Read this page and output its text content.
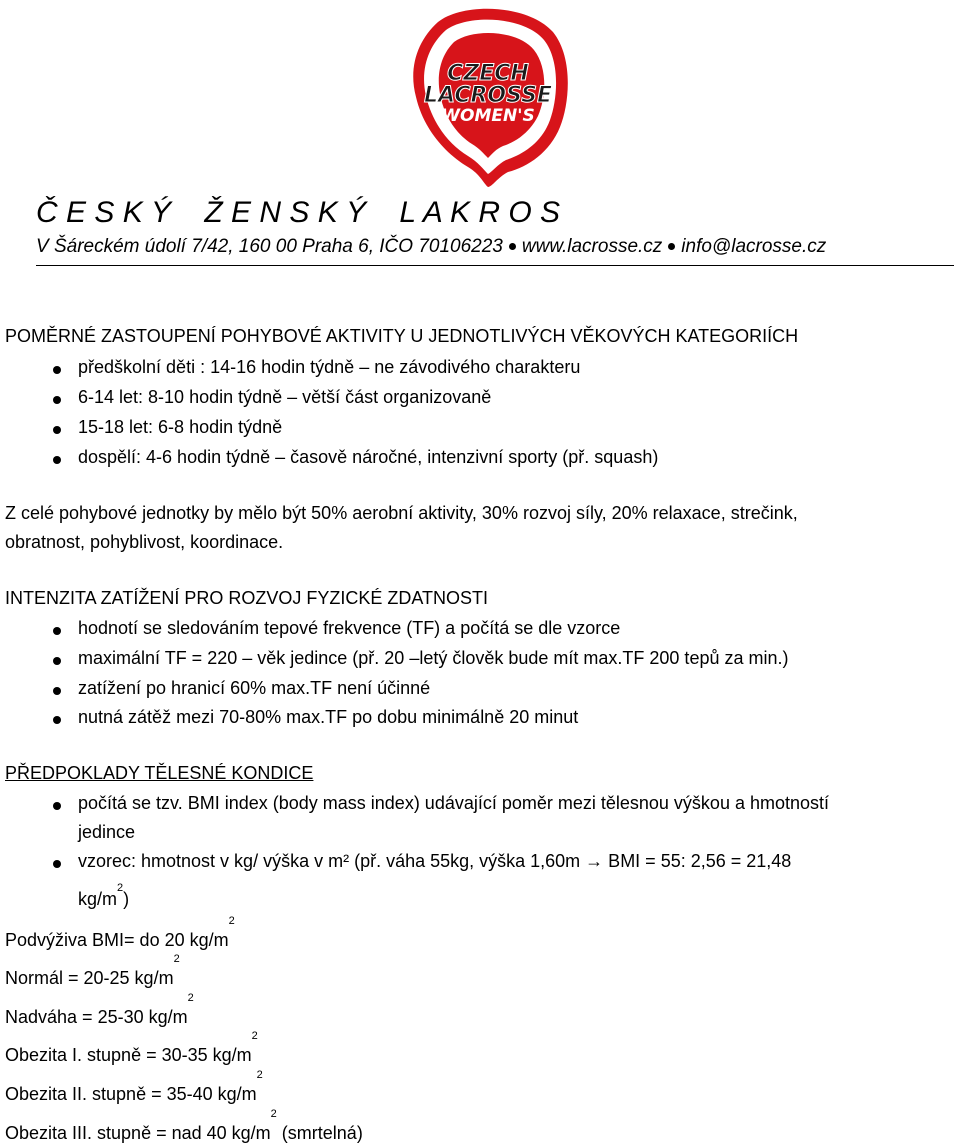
CZECH
LACROSSE
WOMEN'S
Č E S K Ý    Ž E N S K Ý    L A K R O S
V Šáreckém údolí 7/42, 160 00 Praha 6, IČO 70106223 www.lacrosse.cz info@lacrosse.cz
POMĚRNÉ ZASTOUPENÍ POHYBOVÉ AKTIVITY U JEDNOTLIVÝCH VĚKOVÝCH KATEGORIÍCH
předškolní děti : 14-16 hodin týdně – ne závodivého charakteru
6-14 let: 8-10 hodin týdně – větší část organizovaně
15-18 let: 6-8 hodin týdně
dospělí: 4-6 hodin týdně – časově náročné, intenzivní sporty (př. squash)
Z celé pohybové jednotky by mělo být 50% aerobní aktivity, 30% rozvoj síly, 20% relaxace, strečink,
obratnost, pohyblivost, koordinace.
INTENZITA ZATÍŽENÍ PRO ROZVOJ FYZICKÉ ZDATNOSTI
hodnotí se sledováním tepové frekvence (TF) a počítá se dle vzorce
maximální TF = 220 – věk jedince (př. 20 –letý člověk bude mít max.TF 200 tepů za min.)
zatížení po hranicí 60% max.TF není účinné
nutná zátěž mezi 70-80% max.TF po dobu minimálně 20 minut
PŘEDPOKLADY TĚLESNÉ KONDICE
počítá se tzv. BMI index (body mass index) udávající poměr mezi tělesnou výškou a hmotností
jedince
vzorec: hmotnost v kg/ výška v m² (př. váha 55kg, výška 1,60m → BMI = 55: 2,56 = 21,48
$kg/m^2$)
Podvýživa BMI= do 20 $kg/m^2$
Normál = 20-25 $kg/m^2$
Nadváha = 25-30 $kg/m^2$
Obezita I. stupně = 30-35 $kg/m^2$
Obezita II. stupně = 35-40 $kg/m^2$
Obezita III. stupně = nad 40 $kg/m^2$ (smrtelná)
